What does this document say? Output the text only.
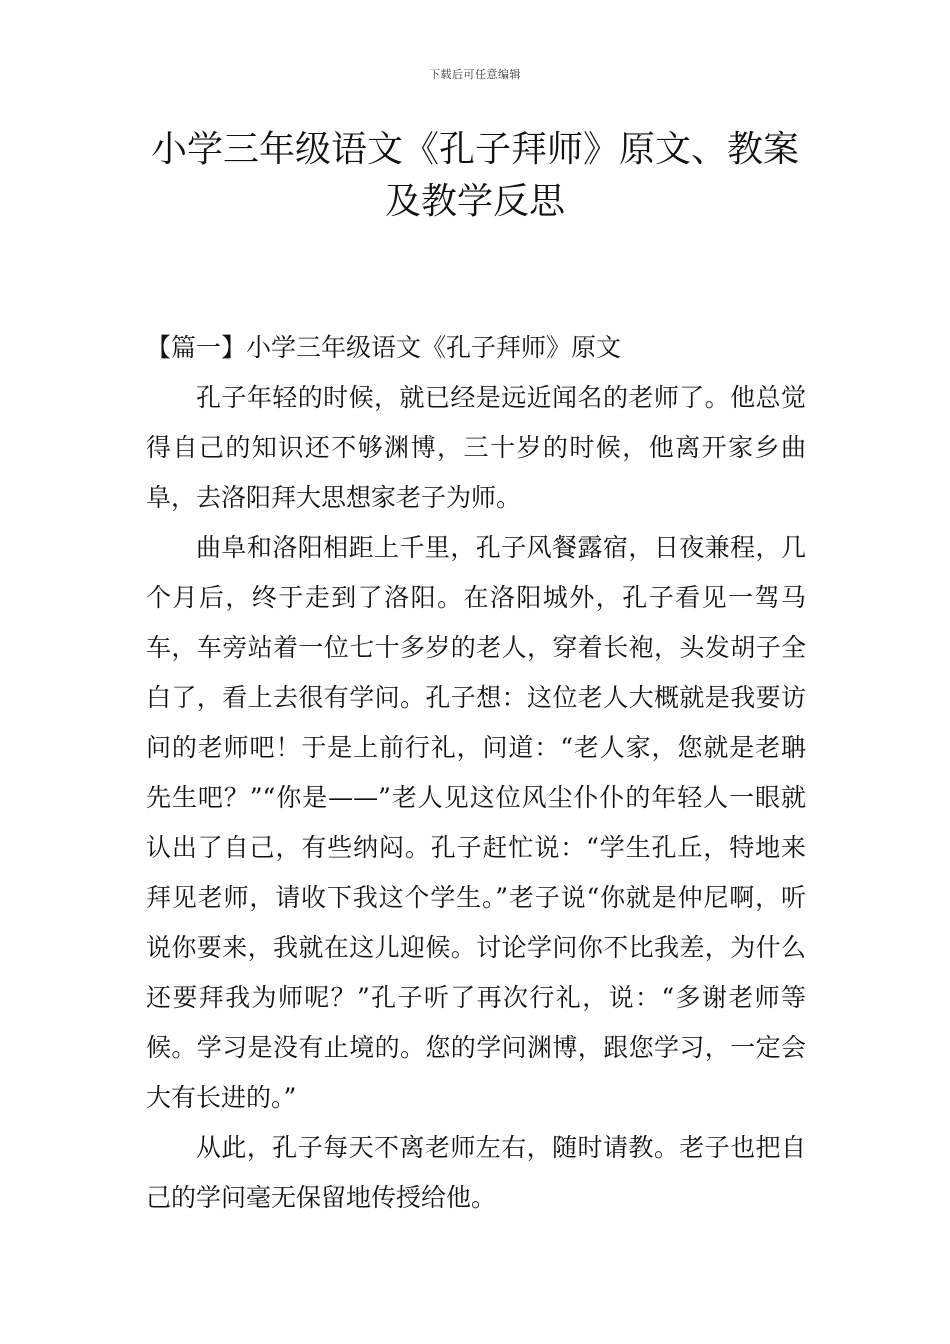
下载后可任意编辑
小学三年级语文《孔子拜师》原文、教案及教学反思
【篇一】小学三年级语文《孔子拜师》原文

孔子年轻的时候，就已经是远近闻名的老师了。他总觉得自己的知识还不够渊博，三十岁的时候，他离开家乡曲阜，去洛阳拜大思想家老子为师。

曲阜和洛阳相距上千里，孔子风餐露宿，日夜兼程，几个月后，终于走到了洛阳。在洛阳城外，孔子看见一驾马车，车旁站着一位七十多岁的老人，穿着长袍，头发胡子全白了，看上去很有学问。孔子想：这位老人大概就是我要访问的老师吧！于是上前行礼，问道：“老人家，您就是老聃先生吧？”“你是——”老人见这位风尘仆仆的年轻人一眼就认出了自己，有些纳闷。孔子赶忙说：“学生孔丘，特地来拜见老师，请收下我这个学生。”老子说“你就是仲尼啊，听说你要来，我就在这儿迎候。讨论学问你不比我差，为什么还要拜我为师呢？”孔子听了再次行礼，说：“多谢老师等候。学习是没有止境的。您的学问渊博，跟您学习，一定会大有长进的。”

从此，孔子每天不离老师左右，随时请教。老子也把自己的学问毫无保留地传授给他。
